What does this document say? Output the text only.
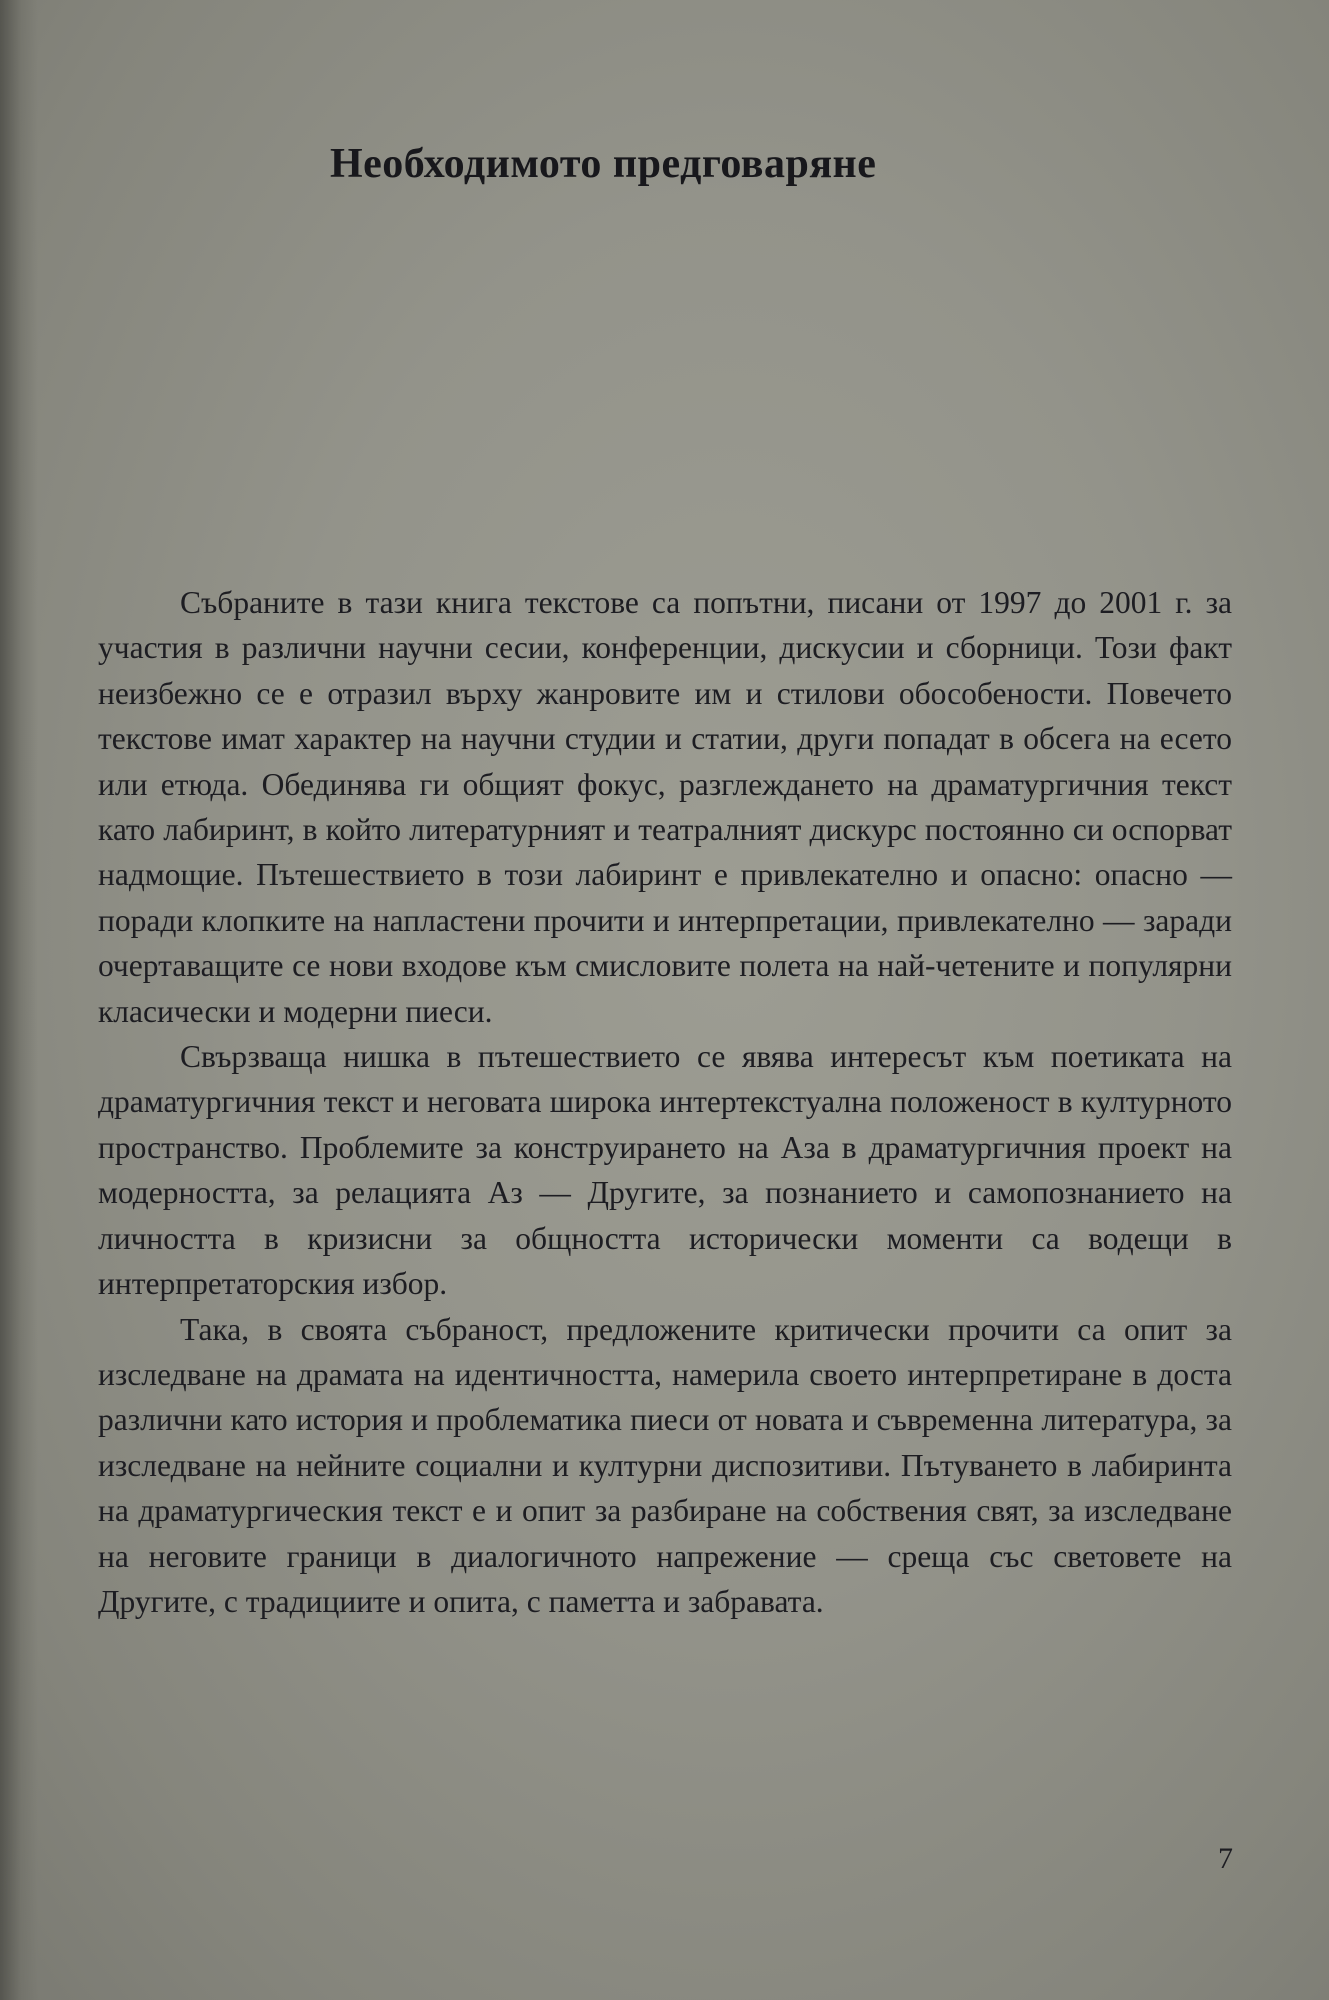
Необходимото предговаряне

Събраните в тази книга текстове са попътни, писани от 1997 до 2001 г. за участия в различни научни сесии, конференции, дискусии и сборници. Този факт неизбежно се е отразил върху жанровите им и стилови обособености. Повечето текстове имат характер на научни студии и статии, други попадат в обсега на есето или етюда. Обединява ги общият фокус, разглеждането на драматургичния текст като лабиринт, в който литературният и театралният дискурс постоянно си оспорват надмощие. Пътешествието в този лабиринт е привлекателно и опасно: опасно — поради клопките на напластени прочити и интерпретации, привлекателно — заради очертаващите се нови входове към смисловите полета на най-четените и популярни класически и модерни пиеси.

Свързваща нишка в пътешествието се явява интересът към поетиката на драматургичния текст и неговата широка интертекстуална положеност в културното пространство. Проблемите за конструирането на Аза в драматургичния проект на модерността, за релацията Аз — Другите, за познанието и самопознанието на личността в кризисни за общността исторически моменти са водещи в интерпретаторския избор.

Така, в своята събраност, предложените критически прочити са опит за изследване на драмата на идентичността, намерила своето интерпретиране в доста различни като история и проблематика пиеси от новата и съвременна литература, за изследване на нейните социални и културни диспозитиви. Пътуването в лабиринта на драматургическия текст е и опит за разбиране на собствения свят, за изследване на неговите граници в диалогичното напрежение — среща със световете на Другите, с традициите и опита, с паметта и забравата.

7
